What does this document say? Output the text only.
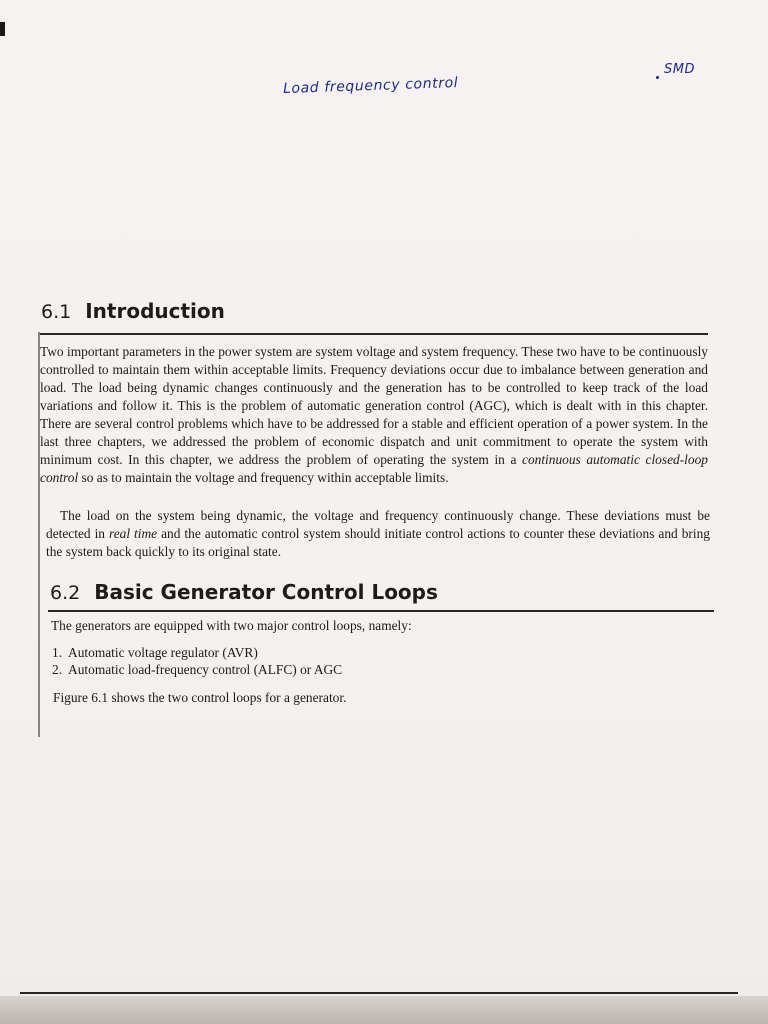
Load frequency control
SMD
6.1 Introduction
Two important parameters in the power system are system voltage and system frequency. These two have to be continuously controlled to maintain them within acceptable limits. Frequency deviations occur due to imbalance between generation and load. The load being dynamic changes continuously and the generation has to be controlled to keep track of the load variations and follow it. This is the problem of automatic generation control (AGC), which is dealt with in this chapter. There are several control problems which have to be addressed for a stable and efficient operation of a power system. In the last three chapters, we addressed the problem of economic dispatch and unit commitment to operate the system with minimum cost. In this chapter, we address the problem of operating the system in a continuous automatic closed-loop control so as to maintain the voltage and frequency within acceptable limits.
The load on the system being dynamic, the voltage and frequency continuously change. These deviations must be detected in real time and the automatic control system should initiate control actions to counter these deviations and bring the system back quickly to its original state.
6.2 Basic Generator Control Loops
The generators are equipped with two major control loops, namely:
1. Automatic voltage regulator (AVR)
2. Automatic load-frequency control (ALFC) or AGC
Figure 6.1 shows the two control loops for a generator.
